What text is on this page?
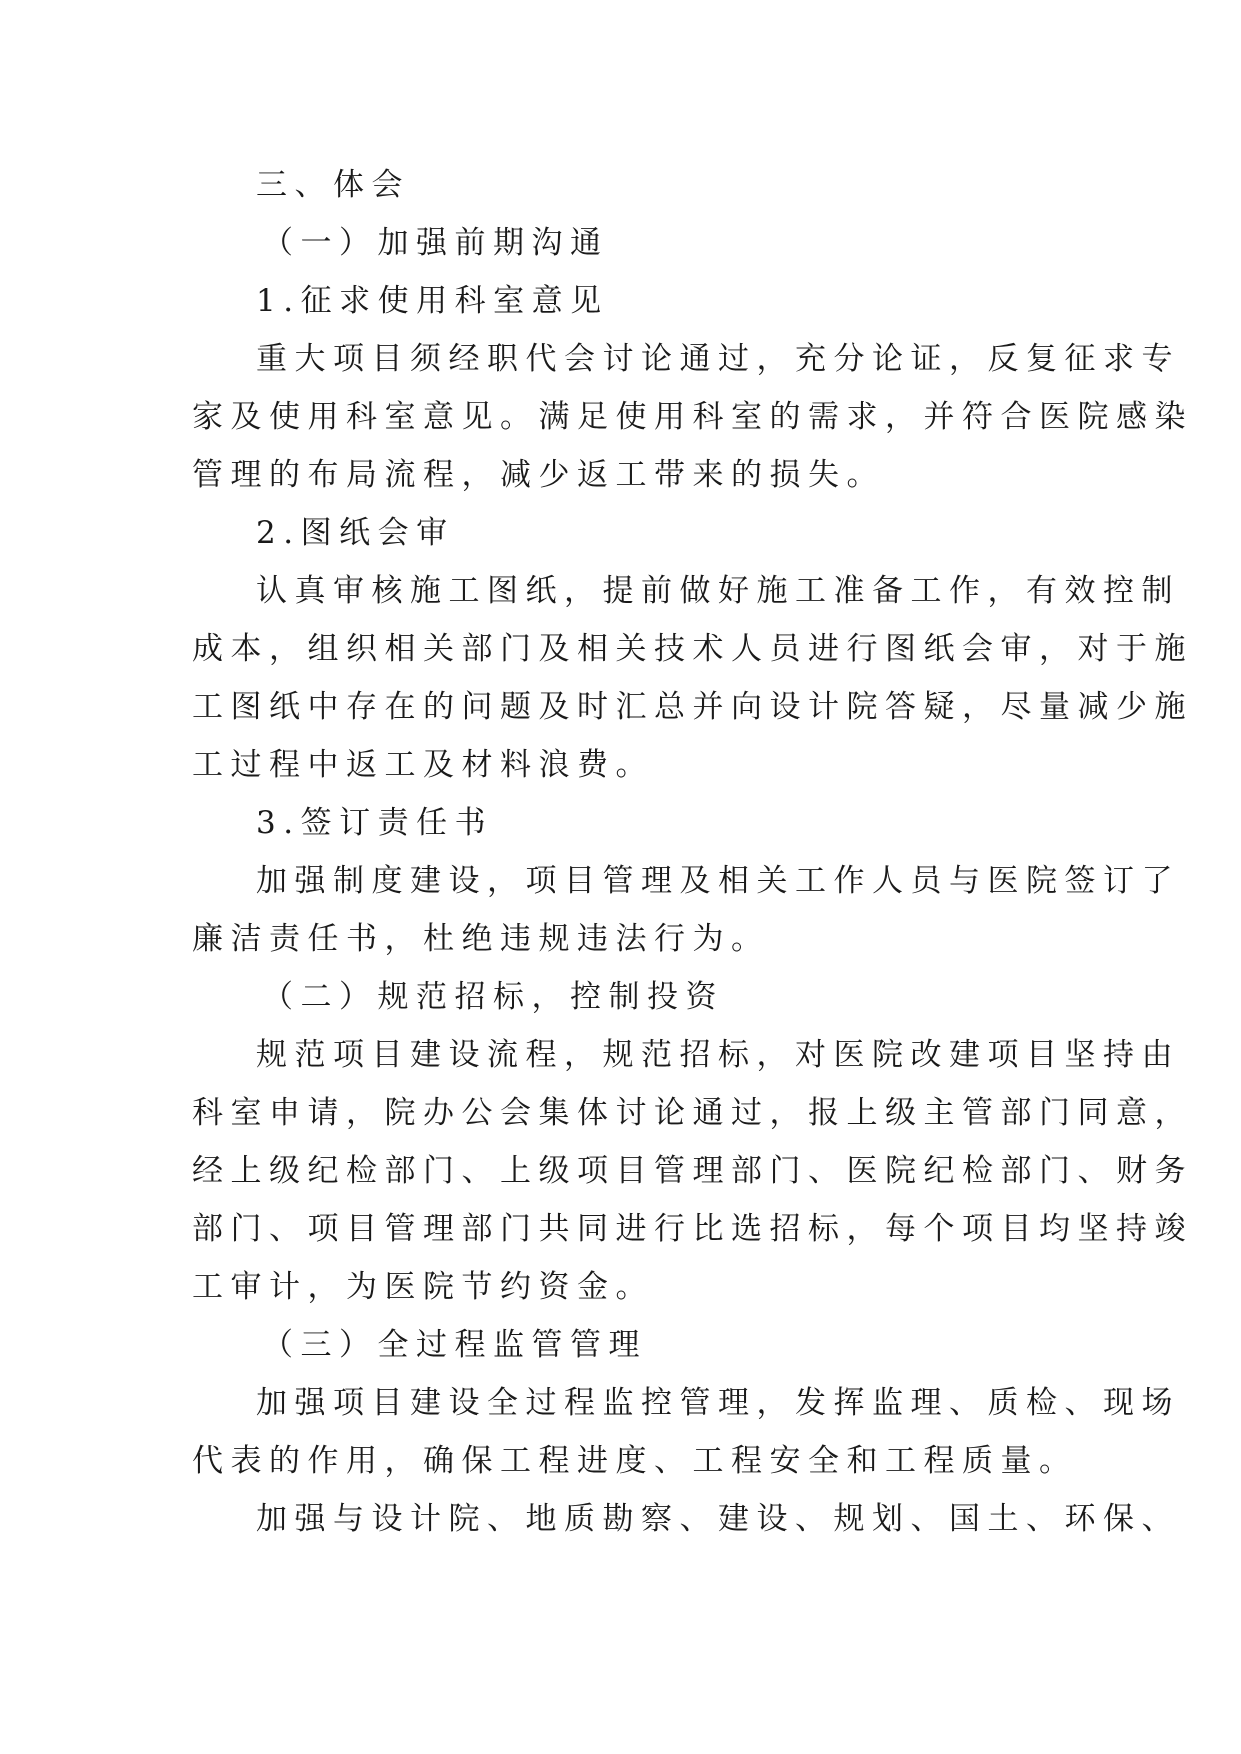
三、体会
（一）加强前期沟通
1.征求使用科室意见
重大项目须经职代会讨论通过，充分论证，反复征求专
家及使用科室意见。满足使用科室的需求，并符合医院感染
管理的布局流程，减少返工带来的损失。
2.图纸会审
认真审核施工图纸，提前做好施工准备工作，有效控制
成本，组织相关部门及相关技术人员进行图纸会审，对于施
工图纸中存在的问题及时汇总并向设计院答疑，尽量减少施
工过程中返工及材料浪费。
3.签订责任书
加强制度建设，项目管理及相关工作人员与医院签订了
廉洁责任书，杜绝违规违法行为。
（二）规范招标，控制投资
规范项目建设流程，规范招标，对医院改建项目坚持由
科室申请，院办公会集体讨论通过，报上级主管部门同意，
经上级纪检部门、上级项目管理部门、医院纪检部门、财务
部门、项目管理部门共同进行比选招标，每个项目均坚持竣
工审计，为医院节约资金。
（三）全过程监管管理
加强项目建设全过程监控管理，发挥监理、质检、现场
代表的作用，确保工程进度、工程安全和工程质量。
加强与设计院、地质勘察、建设、规划、国土、环保、
